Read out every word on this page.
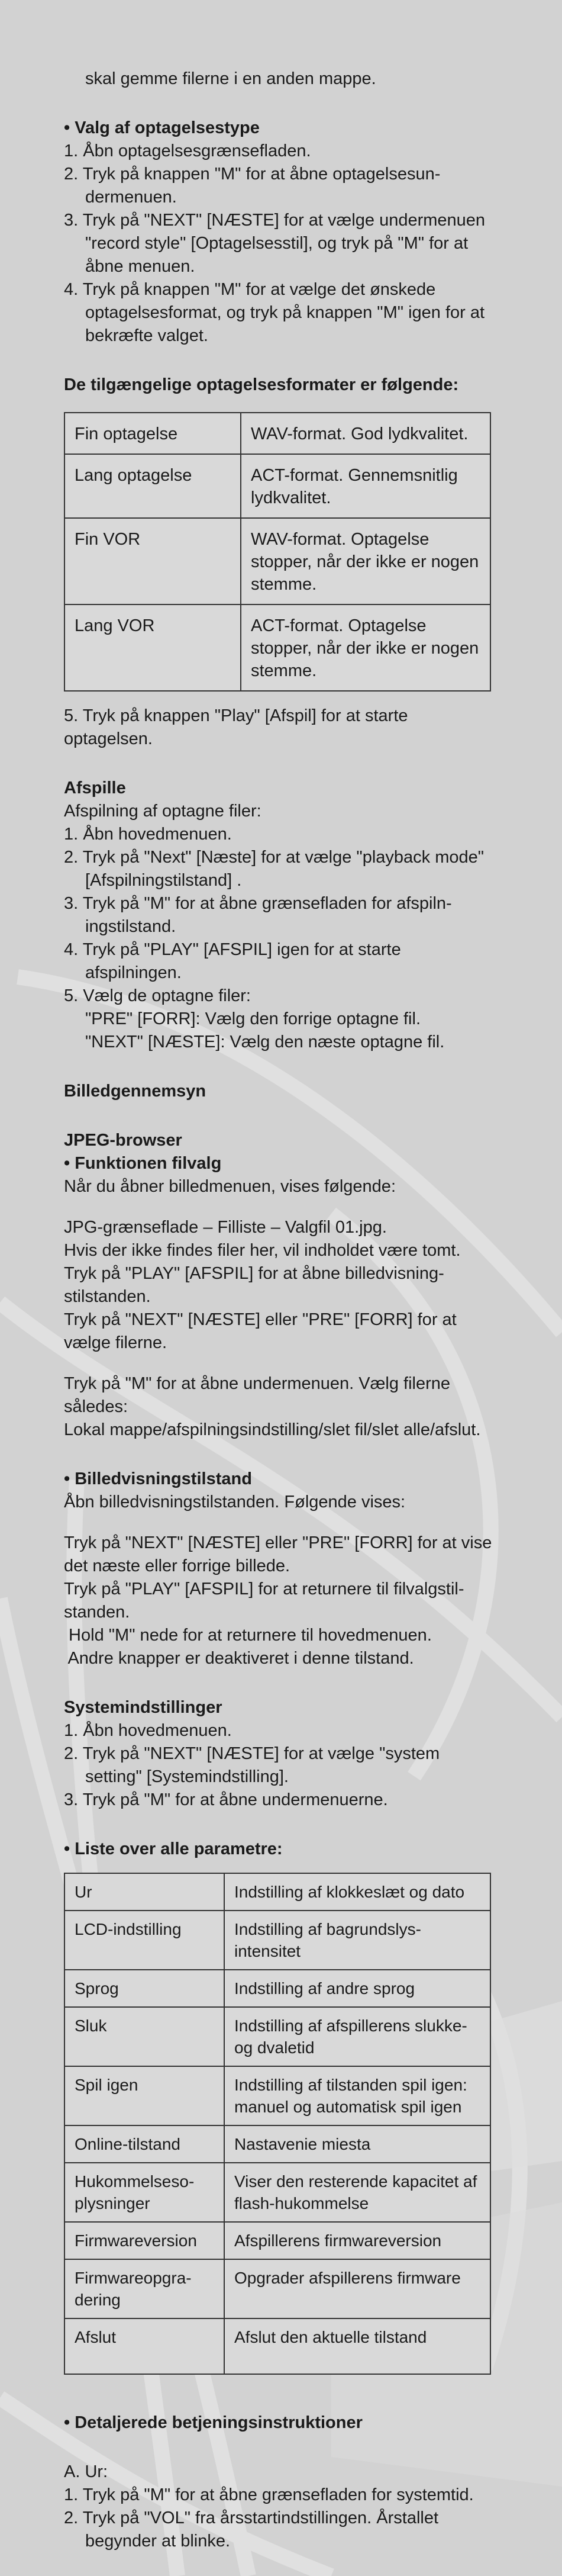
skal gemme filerne i en anden mappe.

• Valg af optagelsestype

1. Åbn optagelsesgrænsefladen.

2. Tryk på knappen "M" for at åbne optagelsesun-dermenuen.

3. Tryk på "NEXT" [NÆSTE] for at vælge undermenuen "record style" [Optagelsesstil], og tryk på "M" for at åbne menuen.

4. Tryk på knappen "M" for at vælge det ønskede optagelsesformat, og tryk på knappen "M" igen for at bekræfte valget.

De tilgængelige optagelsesformater er følgende:

Fin optagelse	WAV-format. God lydkvalitet.
Lang optagelse	ACT-format. Gennemsnitlig lydkvalitet.
Fin VOR	WAV-format. Optagelse stopper, når der ikke er nogen stemme.
Lang VOR	ACT-format. Optagelse stopper, når der ikke er nogen stemme.

5. Tryk på knappen "Play" [Afspil] for at starte optagelsen.

Afspille

Afspilning af optagne filer:

1. Åbn hovedmenuen.

2. Tryk på "Next" [Næste] for at vælge "playback mode" [Afspilningstilstand] .

3. Tryk på "M" for at åbne grænsefladen for afspiln-ingstilstand.

4. Tryk på "PLAY" [AFSPIL] igen for at starte afspilningen.

5. Vælg de optagne filer:

"PRE" [FORR]: Vælg den forrige optagne fil.

"NEXT" [NÆSTE]: Vælg den næste optagne fil.

Billedgennemsyn

JPEG-browser

• Funktionen filvalg

Når du åbner billedmenuen, vises følgende:

JPG-grænseflade – Filliste – Valgfil 01.jpg.

Hvis der ikke findes filer her, vil indholdet være tomt.

Tryk på "PLAY" [AFSPIL] for at åbne billedvisning-stilstanden.

Tryk på "NEXT" [NÆSTE] eller "PRE" [FORR] for at vælge filerne.

Tryk på "M" for at åbne undermenuen. Vælg filerne således:

Lokal mappe/afspilningsindstilling/slet fil/slet alle/afslut.

• Billedvisningstilstand

Åbn billedvisningstilstanden. Følgende vises:

Tryk på "NEXT" [NÆSTE] eller "PRE" [FORR] for at vise det næste eller forrige billede.

Tryk på "PLAY" [AFSPIL] for at returnere til filvalgstil-standen.

Hold "M" nede for at returnere til hovedmenuen.

Andre knapper er deaktiveret i denne tilstand.

Systemindstillinger

1. Åbn hovedmenuen.

2. Tryk på "NEXT" [NÆSTE] for at vælge "system setting" [Systemindstilling].

3. Tryk på "M" for at åbne undermenuerne.

• Liste over alle parametre:

Ur	Indstilling af klokkeslæt og dato
LCD-indstilling	Indstilling af bagrundslys-intensitet
Sprog	Indstilling af andre sprog
Sluk	Indstilling af afspillerens slukke- og dvaletid
Spil igen	Indstilling af tilstanden spil igen: manuel og automatisk spil igen
Online-tilstand	Nastavenie miesta
Hukommelseso-plysninger	Viser den resterende kapacitet af flash-hukommelse
Firmwareversion	Afspillerens firmwareversion
Firmwareopgra-dering	Opgrader afspillerens firmware
Afslut	Afslut den aktuelle tilstand

• Detaljerede betjeningsinstruktioner

A. Ur:

1. Tryk på "M" for at åbne grænsefladen for systemtid.

2. Tryk på "VOL" fra årsstartindstillingen. Årstallet begynder at blinke.
